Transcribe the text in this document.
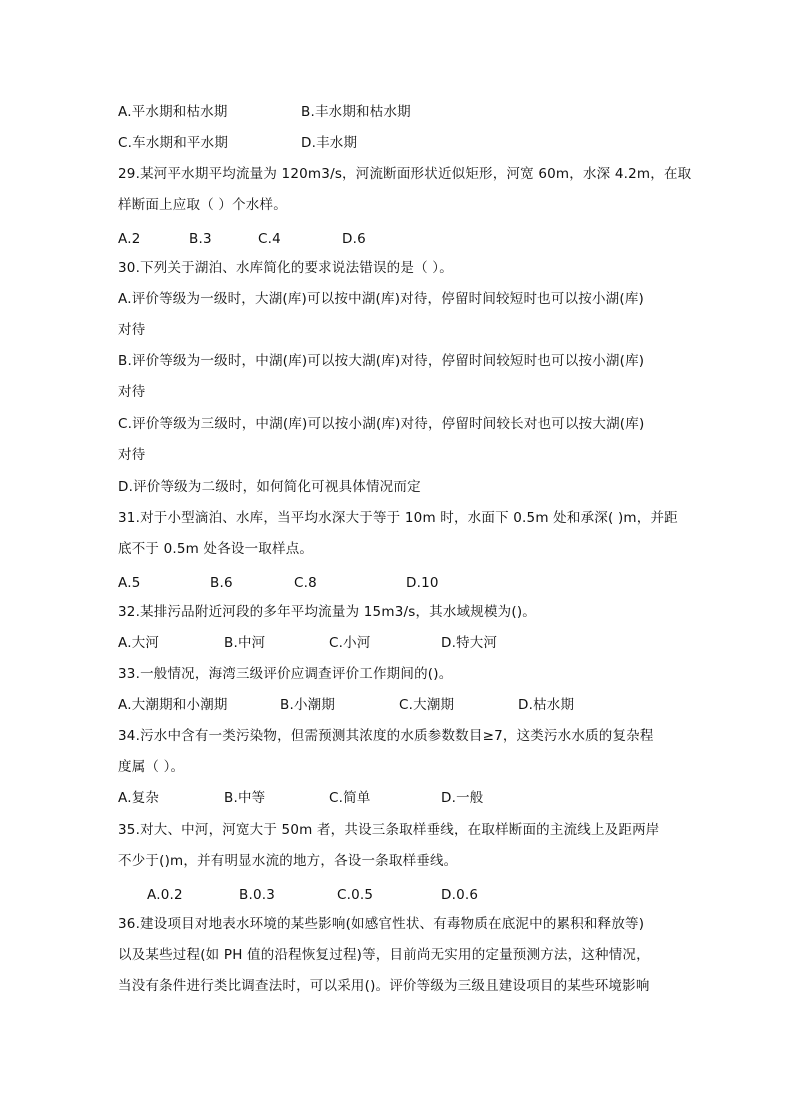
A.平水期和枯水期	B.丰水期和枯水期
C.车水期和平水期	D.丰水期
29.某河平水期平均流量为 120m3/s，河流断面形状近似矩形，河宽 60m，水深 4.2m，在取
样断面上应取（ ）个水样。
A.2	B.3	C.4	D.6
30.下列关于湖泊、水库简化的要求说法错误的是（ ）。
A.评价等级为一级时，大湖(库)可以按中湖(库)对待，停留时间较短时也可以按小湖(库)
对待
B.评价等级为一级时，中湖(库)可以按大湖(库)对待，停留时间较短时也可以按小湖(库)
对待
C.评价等级为三级时，中湖(库)可以按小湖(库)对待，停留时间较长对也可以按大湖(库)
对待
D.评价等级为二级时，如何简化可视具体情况而定
31.对于小型滴泊、水库，当平均水深大于等于 10m 时，水面下 0.5m 处和承深( )m，并距
底不于 0.5m 处各设一取样点。
A.5	B.6	C.8	D.10
32.某排污品附近河段的多年平均流量为 15m3/s，其水域规模为()。
A.大河	B.中河	C.小河	D.特大河
33.一般情况，海湾三级评价应调查评价工作期间的()。
A.大潮期和小潮期	B.小潮期	C.大潮期	D.枯水期
34.污水中含有一类污染物，但需预测其浓度的水质参数数目≥7，这类污水水质的复杂程
度属（ ）。
A.复杂	B.中等	C.简单	D.一般
35.对大、中河，河宽大于 50m 者，共设三条取样垂线，在取样断面的主流线上及距两岸
不少于()m，并有明显水流的地方，各设一条取样垂线。
A.0.2	B.0.3	C.0.5	D.0.6
36.建设项目对地表水环境的某些影响(如感官性状、有毒物质在底泥中的累积和释放等)
以及某些过程(如 PH 值的沿程恢复过程)等，目前尚无实用的定量预测方法，这种情况，
当没有条件进行类比调查法时，可以采用()。评价等级为三级且建设项目的某些环境影响
